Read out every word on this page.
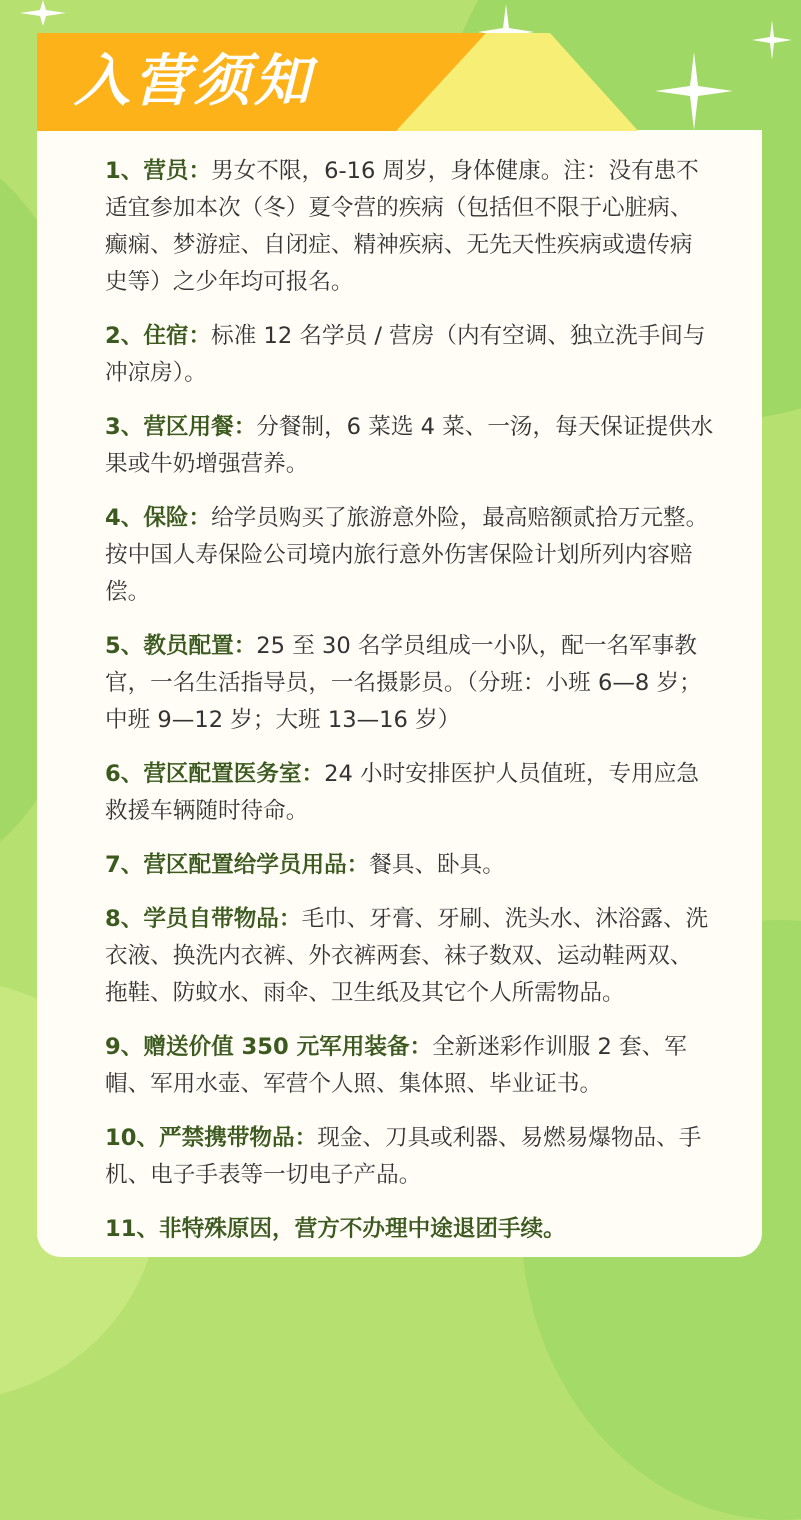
入营须知

1、营员：男女不限，6-16 周岁，身体健康。注：没有患不适宜参加本次（冬）夏令营的疾病（包括但不限于心脏病、癫痫、梦游症、自闭症、精神疾病、无先天性疾病或遗传病史等）之少年均可报名。

2、住宿：标准 12 名学员 / 营房（内有空调、独立洗手间与冲凉房）。

3、营区用餐：分餐制，6 菜选 4 菜、一汤，每天保证提供水果或牛奶增强营养。

4、保险：给学员购买了旅游意外险，最高赔额贰拾万元整。按中国人寿保险公司境内旅行意外伤害保险计划所列内容赔偿。

5、教员配置：25 至 30 名学员组成一小队，配一名军事教官，一名生活指导员，一名摄影员。（分班：小班 6—8 岁；中班 9—12 岁；大班 13—16 岁）

6、营区配置医务室：24 小时安排医护人员值班，专用应急救援车辆随时待命。

7、营区配置给学员用品：餐具、卧具。

8、学员自带物品：毛巾、牙膏、牙刷、洗头水、沐浴露、洗衣液、换洗内衣裤、外衣裤两套、袜子数双、运动鞋两双、拖鞋、防蚊水、雨伞、卫生纸及其它个人所需物品。

9、赠送价值 350 元军用装备：全新迷彩作训服 2 套、军帽、军用水壶、军营个人照、集体照、毕业证书。

10、严禁携带物品：现金、刀具或利器、易燃易爆物品、手机、电子手表等一切电子产品。

11、非特殊原因，营方不办理中途退团手续。
